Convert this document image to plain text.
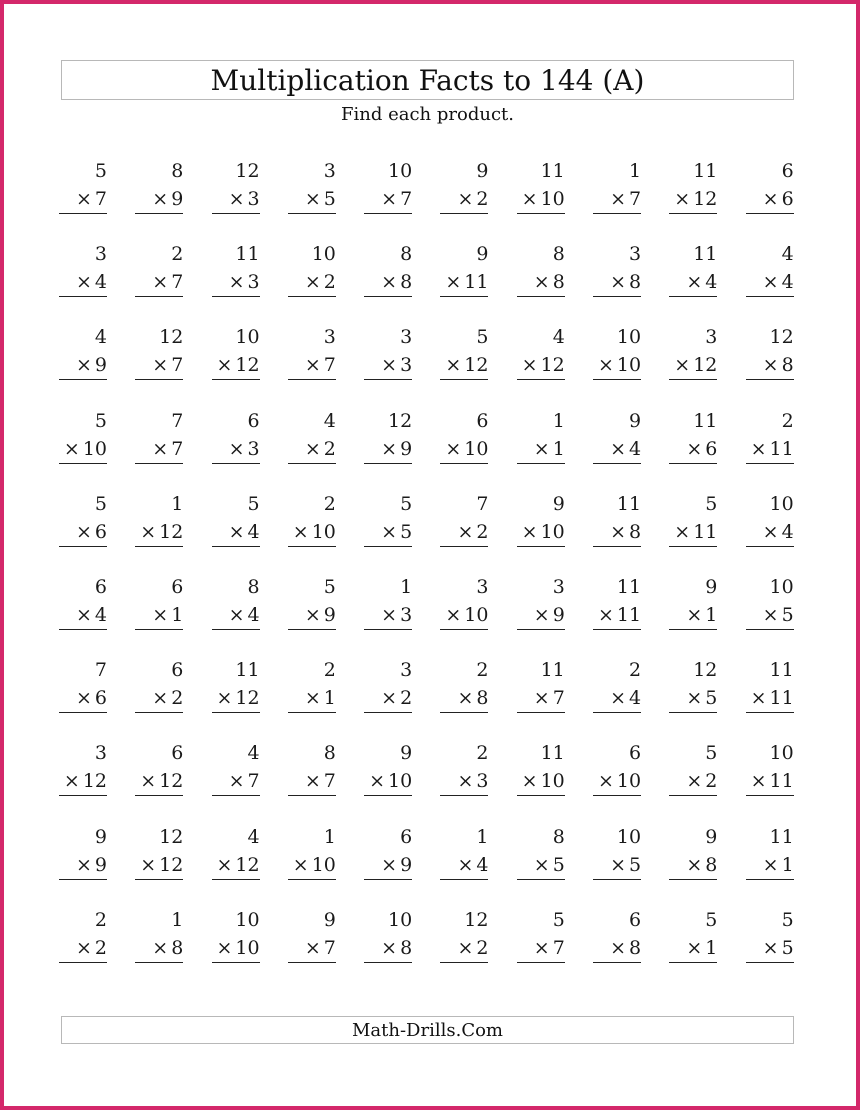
Multiplication Facts to 144 (A)
Find each product.
5
× 7
8
× 9
12
× 3
3
× 5
10
× 7
9
× 2
11
× 10
1
× 7
11
× 12
6
× 6
3
× 4
2
× 7
11
× 3
10
× 2
8
× 8
9
× 11
8
× 8
3
× 8
11
× 4
4
× 4
4
× 9
12
× 7
10
× 12
3
× 7
3
× 3
5
× 12
4
× 12
10
× 10
3
× 12
12
× 8
5
× 10
7
× 7
6
× 3
4
× 2
12
× 9
6
× 10
1
× 1
9
× 4
11
× 6
2
× 11
5
× 6
1
× 12
5
× 4
2
× 10
5
× 5
7
× 2
9
× 10
11
× 8
5
× 11
10
× 4
6
× 4
6
× 1
8
× 4
5
× 9
1
× 3
3
× 10
3
× 9
11
× 11
9
× 1
10
× 5
7
× 6
6
× 2
11
× 12
2
× 1
3
× 2
2
× 8
11
× 7
2
× 4
12
× 5
11
× 11
3
× 12
6
× 12
4
× 7
8
× 7
9
× 10
2
× 3
11
× 10
6
× 10
5
× 2
10
× 11
9
× 9
12
× 12
4
× 12
1
× 10
6
× 9
1
× 4
8
× 5
10
× 5
9
× 8
11
× 1
2
× 2
1
× 8
10
× 10
9
× 7
10
× 8
12
× 2
5
× 7
6
× 8
5
× 1
5
× 5
Math-Drills.Com
